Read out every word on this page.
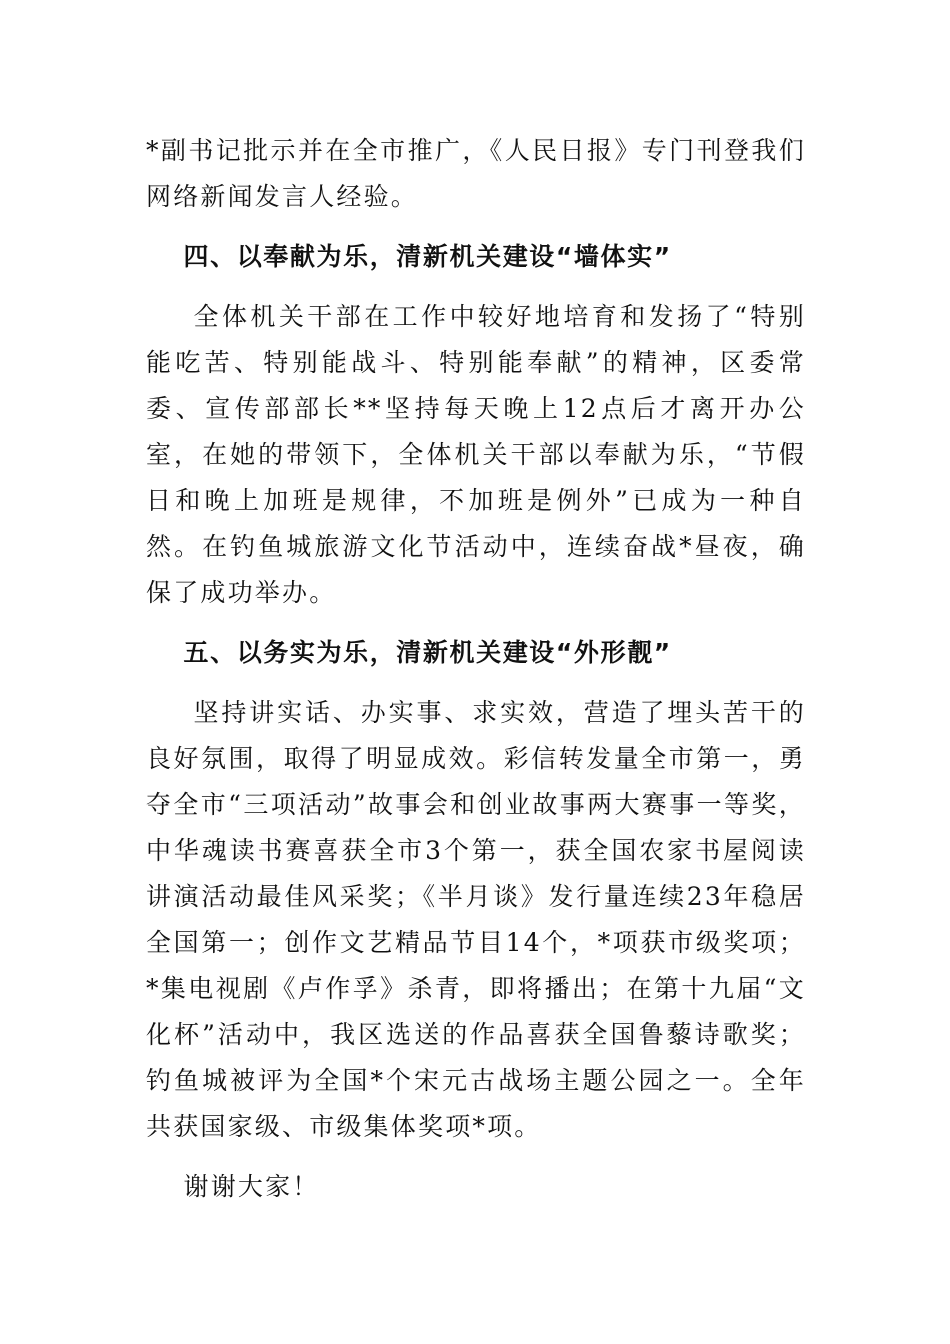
*副书记批示并在全市推广，《人民日报》专门刊登我们网络新闻发言人经验。

四、以奉献为乐，清新机关建设“墙体实”

全体机关干部在工作中较好地培育和发扬了“特别能吃苦、特别能战斗、特别能奉献”的精神，区委常委、宣传部部长**坚持每天晚上12点后才离开办公室，在她的带领下，全体机关干部以奉献为乐，“节假日和晚上加班是规律，不加班是例外”已成为一种自然。在钓鱼城旅游文化节活动中，连续奋战*昼夜，确保了成功举办。

五、以务实为乐，清新机关建设“外形靓”

坚持讲实话、办实事、求实效，营造了埋头苦干的良好氛围，取得了明显成效。彩信转发量全市第一，勇夺全市“三项活动”故事会和创业故事两大赛事一等奖，中华魂读书赛喜获全市3个第一，获全国农家书屋阅读讲演活动最佳风采奖；《半月谈》发行量连续23年稳居全国第一；创作文艺精品节目14个，*项获市级奖项；*集电视剧《卢作孚》杀青，即将播出；在第十九届“文化杯”活动中，我区选送的作品喜获全国鲁藜诗歌奖；钓鱼城被评为全国*个宋元古战场主题公园之一。全年共获国家级、市级集体奖项*项。

谢谢大家！
